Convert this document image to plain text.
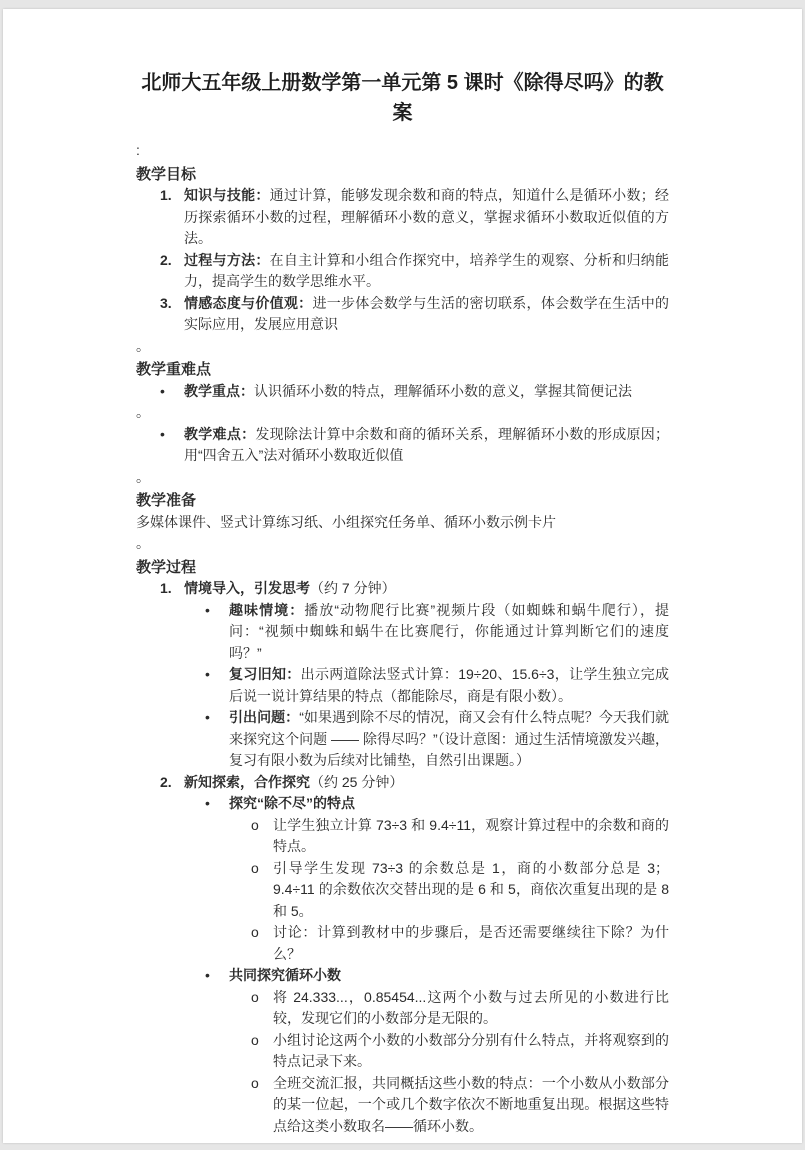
北师大五年级上册数学第一单元第 5 课时《除得尽吗》的教案

:

教学目标
1. 知识与技能：通过计算，能够发现余数和商的特点，知道什么是循环小数；经历探索循环小数的过程，理解循环小数的意义，掌握求循环小数取近似值的方法。
2. 过程与方法：在自主计算和小组合作探究中，培养学生的观察、分析和归纳能力，提高学生的数学思维水平。
3. 情感态度与价值观：进一步体会数学与生活的密切联系，体会数学在生活中的实际应用，发展应用意识

。

教学重难点
• 教学重点：认识循环小数的特点，理解循环小数的意义，掌握其简便记法

。

• 教学难点：发现除法计算中余数和商的循环关系，理解循环小数的形成原因；用“四舍五入”法对循环小数取近似值

。

教学准备

多媒体课件、竖式计算练习纸、小组探究任务单、循环小数示例卡片

。

教学过程
1. 情境导入，引发思考（约 7 分钟）
• 趣味情境：播放“动物爬行比赛”视频片段（如蜘蛛和蜗牛爬行），提问：“视频中蜘蛛和蜗牛在比赛爬行，你能通过计算判断它们的速度吗？”
• 复习旧知：出示两道除法竖式计算：19÷20、15.6÷3，让学生独立完成后说一说计算结果的特点（都能除尽，商是有限小数）。
• 引出问题：“如果遇到除不尽的情况，商又会有什么特点呢？今天我们就来探究这个问题 —— 除得尽吗？”（设计意图：通过生活情境激发兴趣，复习有限小数为后续对比铺垫，自然引出课题。）
2. 新知探索，合作探究（约 25 分钟）
• 探究“除不尽”的特点
o 让学生独立计算 73÷3 和 9.4÷11，观察计算过程中的余数和商的特点。
o 引导学生发现 73÷3 的余数总是 1，商的小数部分总是 3；9.4÷11 的余数依次交替出现的是 6 和 5，商依次重复出现的是 8 和 5。
o 讨论：计算到教材中的步骤后，是否还需要继续往下除？为什么？
• 共同探究循环小数
o 将 24.333...，0.85454...这两个小数与过去所见的小数进行比较，发现它们的小数部分是无限的。
o 小组讨论这两个小数的小数部分分别有什么特点，并将观察到的特点记录下来。
o 全班交流汇报，共同概括这些小数的特点：一个小数从小数部分的某一位起，一个或几个数字依次不断地重复出现。根据这些特点给这类小数取名——循环小数。
